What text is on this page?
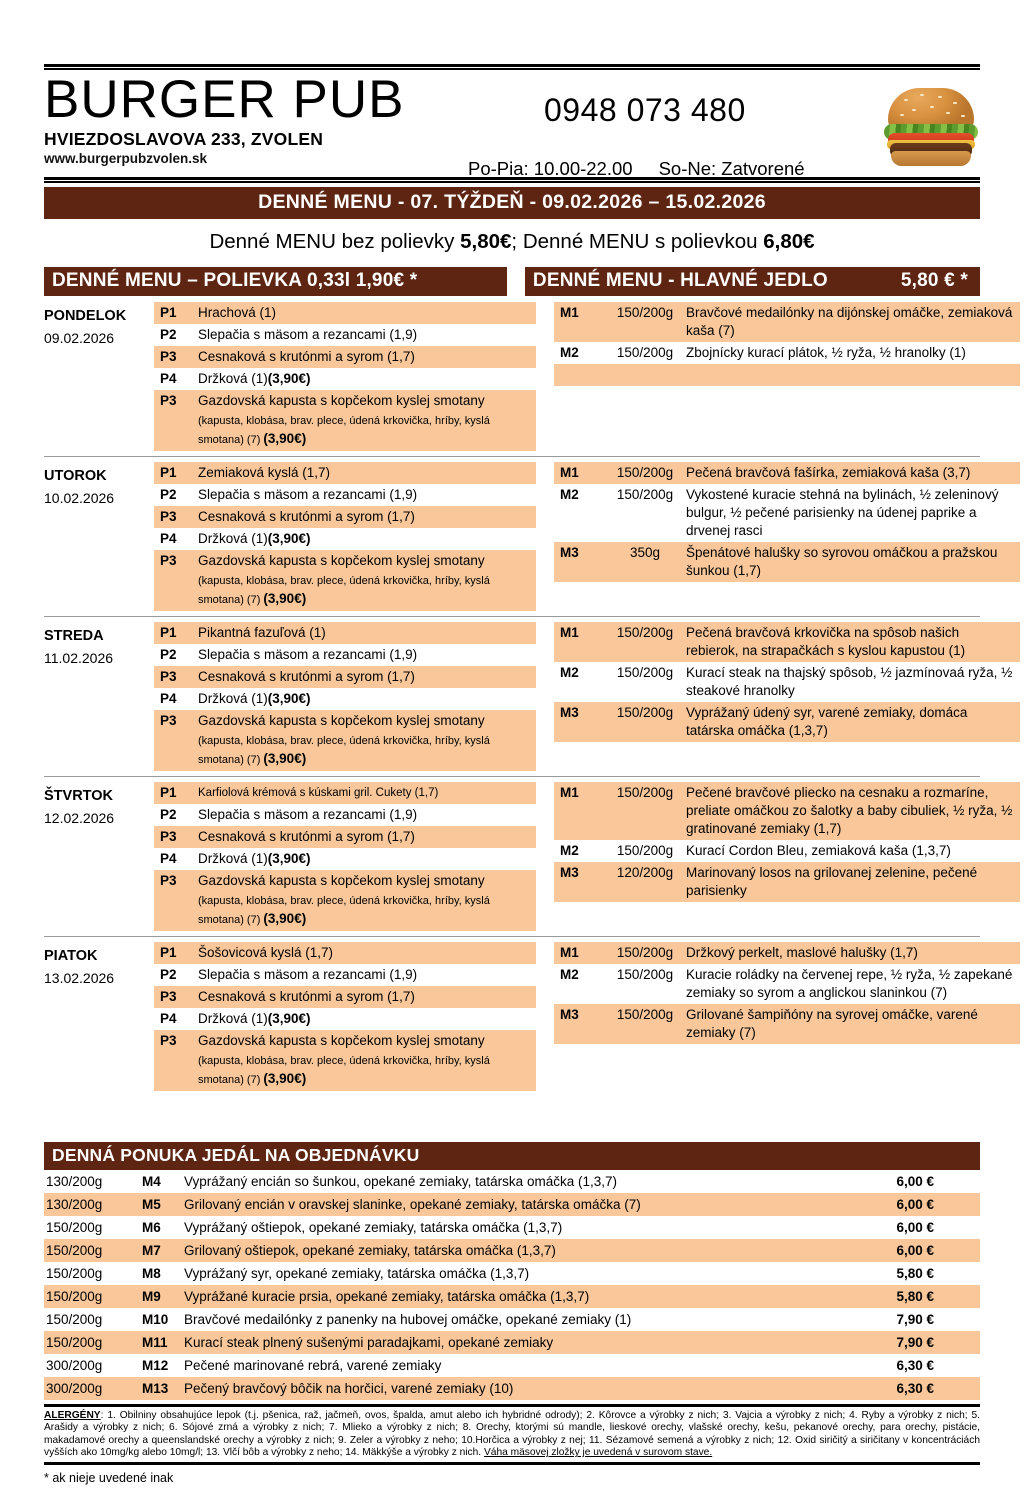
BURGER PUB
HVIEZDOSLAVOVA 233, ZVOLEN
www.burgerpubzvolen.sk
0948 073 480
Po-Pia: 10.00-22.00 So-Ne: Zatvorené
DENNÉ MENU - 07. TÝŽDEŇ - 09.02.2026 – 15.02.2026
Denné MENU bez polievky 5,80€; Denné MENU s polievkou 6,80€
DENNÉ MENU – POLIEVKA 0,33l 1,90€ *	DENNÉ MENU - HLAVNÉ JEDLO	5,80 € *
PONDELOK
09.02.2026
P1	Hrachová (1)
P2	Slepačia s mäsom a rezancami (1,9)
P3	Cesnaková s krutónmi a syrom (1,7)
P4	Držková (1)(3,90€)
P3	Gazdovská kapusta s kopčekom kyslej smotany (kapusta, klobása, brav. plece, údená krkovička, hríby, kyslá smotana) (7) (3,90€)
M1	150/200g Bravčové medailónky na dijónskej omáčke, zemiaková kaša (7)
M2	150/200g Zbojnícky kurací plátok, ½ ryža, ½ hranolky (1)
UTOROK
10.02.2026
P1	Zemiaková kyslá (1,7)
P2	Slepačia s mäsom a rezancami (1,9)
P3	Cesnaková s krutónmi a syrom (1,7)
P4	Držková (1)(3,90€)
P3	Gazdovská kapusta s kopčekom kyslej smotany (kapusta, klobása, brav. plece, údená krkovička, hríby, kyslá smotana) (7) (3,90€)
M1	150/200g Pečená bravčová fašírka, zemiaková kaša (3,7)
M2	150/200g Vykostené kuracie stehná na bylinách, ½ zeleninový bulgur, ½ pečené parisienky na údenej paprike a drvenej rasci
M3	350g	Špenátové halušky so syrovou omáčkou a pražskou šunkou (1,7)
STREDA
11.02.2026
P1	Pikantná fazuľová (1)
P2	Slepačia s mäsom a rezancami (1,9)
P3	Cesnaková s krutónmi a syrom (1,7)
P4	Držková (1)(3,90€)
P3	Gazdovská kapusta s kopčekom kyslej smotany (kapusta, klobása, brav. plece, údená krkovička, hríby, kyslá smotana) (7) (3,90€)
M1	150/200g Pečená bravčová krkovička na spôsob našich rebierok, na strapačkách s kyslou kapustou (1)
M2	150/200g Kurací steak na thajský spôsob, ½ jazmínovaá ryža, ½ steakové hranolky
M3	150/200g Vyprážaný údený syr, varené zemiaky, domáca tatárska omáčka (1,3,7)
ŠTVRTOK
12.02.2026
P1	Karfiolová krémová s kúskami gril. Cukety (1,7)
P2	Slepačia s mäsom a rezancami (1,9)
P3	Cesnaková s krutónmi a syrom (1,7)
P4	Držková (1)(3,90€)
P3	Gazdovská kapusta s kopčekom kyslej smotany (kapusta, klobása, brav. plece, údená krkovička, hríby, kyslá smotana) (7) (3,90€)
M1	150/200g Pečené bravčové pliecko na cesnaku a rozmaríne, preliate omáčkou zo šalotky a baby cibuliek, ½ ryža, ½ gratinované zemiaky (1,7)
M2	150/200g Kurací Cordon Bleu, zemiaková kaša (1,3,7)
M3	120/200g Marinovaný losos na grilovanej zelenine, pečené parisienky
PIATOK
13.02.2026
P1	Šošovicová kyslá (1,7)
P2	Slepačia s mäsom a rezancami (1,9)
P3	Cesnaková s krutónmi a syrom (1,7)
P4	Držková (1)(3,90€)
P3	Gazdovská kapusta s kopčekom kyslej smotany (kapusta, klobása, brav. plece, údená krkovička, hríby, kyslá smotana) (7) (3,90€)
M1	150/200g Držkový perkelt, maslové halušky (1,7)
M2	150/200g Kuracie roládky na červenej repe, ½ ryža, ½ zapekané zemiaky so syrom a anglickou slaninkou (7)
M3	150/200g Grilované šampiňóny na syrovej omáčke, varené zemiaky (7)
DENNÁ PONUKA JEDÁL NA OBJEDNÁVKU
130/200g	M4	Vyprážaný encián so šunkou, opekané zemiaky, tatárska omáčka (1,3,7)	6,00 €
130/200g	M5	Grilovaný encián v oravskej slaninke, opekané zemiaky, tatárska omáčka (7)	6,00 €
150/200g	M6	Vyprážaný oštiepok, opekané zemiaky, tatárska omáčka (1,3,7)	6,00 €
150/200g	M7	Grilovaný oštiepok, opekané zemiaky, tatárska omáčka (1,3,7)	6,00 €
150/200g	M8	Vyprážaný syr, opekané zemiaky, tatárska omáčka (1,3,7)	5,80 €
150/200g	M9	Vyprážané kuracie prsia, opekané zemiaky, tatárska omáčka (1,3,7)	5,80 €
150/200g	M10	Bravčové medailónky z panenky na hubovej omáčke, opekané zemiaky (1)	7,90 €
150/200g	M11	Kurací steak plnený sušenými paradajkami, opekané zemiaky	7,90 €
300/200g	M12	Pečené marinované rebrá, varené zemiaky	6,30 €
300/200g	M13	Pečený bravčový bôčik na horčici, varené zemiaky (10)	6,30 €
ALERGÉNY: 1. Obilniny obsahujúce lepok (t.j. pšenica, raž, jačmeň, ovos, špalda, amut alebo ich hybridné odrody); 2. Kôrovce a výrobky z nich; 3. Vajcia a výrobky z nich; 4. Ryby a výrobky z nich; 5. Arašidy a výrobky z nich; 6. Sójové zrná a výrobky z nich; 7. Mlieko a výrobky z nich; 8. Orechy, ktorými sú mandle, lieskové orechy, vlašské orechy, kešu, pekanové orechy, para orechy, pistácie, makadamové orechy a queenslandské orechy a výrobky z nich; 9. Zeler a výrobky z neho; 10.Horčica a výrobky z nej; 11. Sézamové semená a výrobky z nich; 12. Oxid siričitý a siričitany v koncentráciách vyšších ako 10mg/kg alebo 10mg/l; 13. Vlčí bôb a výrobky z neho; 14. Mäkkýše a výrobky z nich. Váha mäsovej zložky je uvedená v surovom stave.
* ak nieje uvedené inak
